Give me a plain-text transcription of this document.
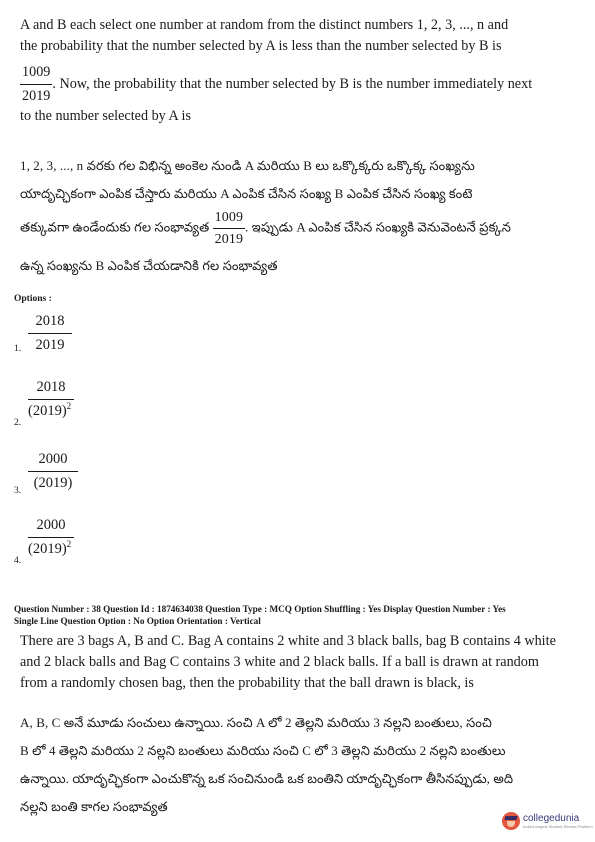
A and B each select one number at random from the distinct numbers 1, 2, 3, ..., n and
the probability that the number selected by A is less than the number selected by B is
$\frac{1009}{2019}$ . Now, the probability that the number selected by B is the number immediately next
to the number selected by A is
1, 2, 3, ..., n వరకు గల విభిన్న అంకెల నుండి A మరియు B లు ఒక్కొక్కరు ఒక్కొక్క సంఖ్యను
యాదృచ్ఛికంగా ఎంపిక చేస్తారు మరియు A ఎంపిక చేసిన సంఖ్య B ఎంపిక చేసిన సంఖ్య కంటె
తక్కువగా ఉండేందుకు గల సంభావ్యత $\frac{1009}{2019}$ . ఇప్పుడు A ఎంపిక చేసిన సంఖ్యకి వెనువెంటనే ప్రక్కన
ఉన్న సంఖ్యను B ఎంపిక చేయడానికి గల సంభావ్యత
Options :
$\frac{2018}{2019}$
1.
$\frac{2018}{(2019)^2}$
2.
$\frac{2000}{(2019)}$
3.
$\frac{2000}{(2019)^2}$
4.
Question Number : 38 Question Id : 1874634038 Question Type : MCQ Option Shuffling : Yes Display Question Number : Yes
Single Line Question Option : No Option Orientation : Vertical
There are 3 bags A, B and C. Bag A contains 2 white and 3 black balls, bag B contains 4 white
and 2 black balls and Bag C contains 3 white and 2 black balls. If a ball is drawn at random
from a randomly chosen bag, then the probability that the ball drawn is black, is
A, B, C అనే మూడు సంచులు ఉన్నాయి. సంచి A లో 2 తెల్లని మరియు 3 నల్లని బంతులు, సంచి
B లో 4 తెల్లని మరియు 2 నల్లని బంతులు మరియు సంచి C లో 3 తెల్లని మరియు 2 నల్లని బంతులు
ఉన్నాయి. యాదృచ్ఛికంగా ఎంచుకొన్న ఒక సంచినుండి ఒక బంతిని యాదృచ్ఛికంగా తీసినప్పుడు, అది
నల్లని బంతి కాగల సంభావ్యత
collegedunia
India's largest Student Review Platform
